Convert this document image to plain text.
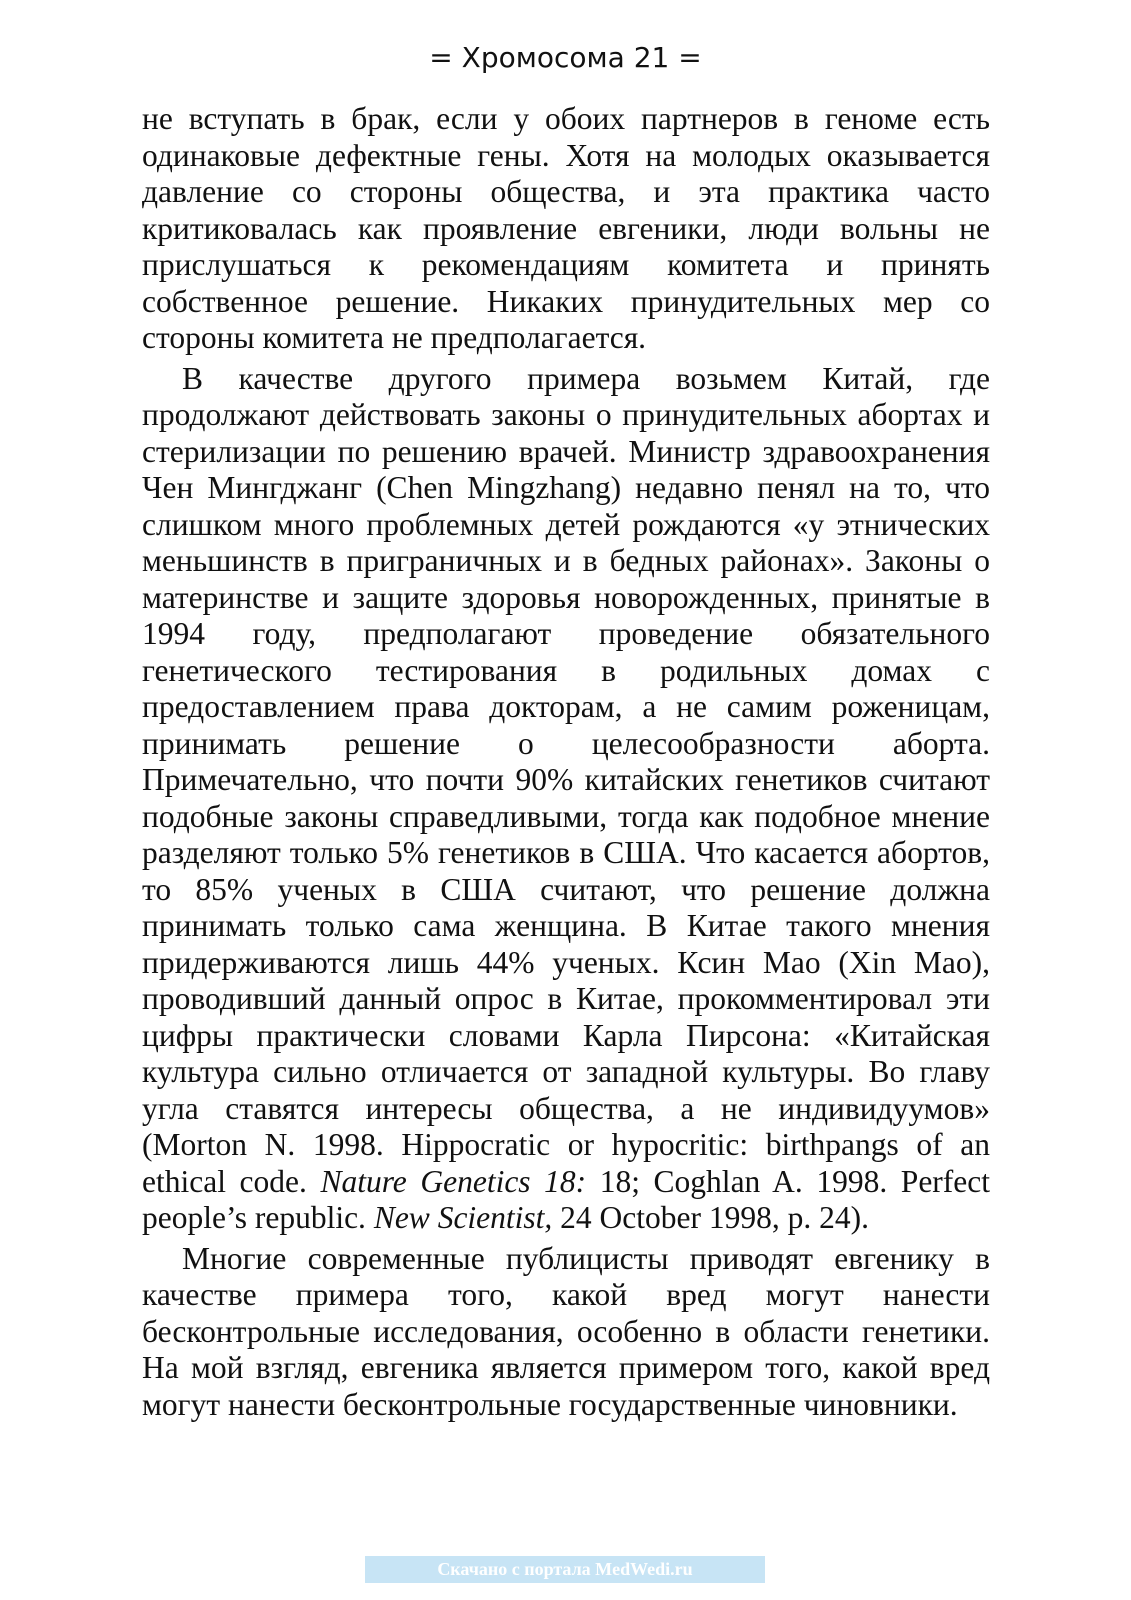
= Хромосома 21 =

не вступать в брак, если у обоих партнеров в геноме есть одинаковые дефектные гены. Хотя на молодых оказывается давление со стороны общества, и эта практика часто критиковалась как проявление евгеники, люди вольны не прислушаться к рекомендациям комитета и принять собственное решение. Никаких принудительных мер со стороны комитета не предполагается.

В качестве другого примера возьмем Китай, где продолжают действовать законы о принудительных абортах и стерилизации по решению врачей. Министр здравоохранения Чен Мингджанг (Chen Mingzhang) недавно пенял на то, что слишком много проблемных детей рождаются «у этнических меньшинств в приграничных и в бедных районах». Законы о материнстве и защите здоровья новорожденных, принятые в 1994 году, предполагают проведение обязательного генетического тестирования в родильных домах с предоставлением права докторам, а не самим роженицам, принимать решение о целесообразности аборта. Примечательно, что почти 90% китайских генетиков считают подобные законы справедливыми, тогда как подобное мнение разделяют только 5% генетиков в США. Что касается абортов, то 85% ученых в США считают, что решение должна принимать только сама женщина. В Китае такого мнения придерживаются лишь 44% ученых. Ксин Мао (Xin Mao), проводивший данный опрос в Китае, прокомментировал эти цифры практически словами Карла Пирсона: «Китайская культура сильно отличается от западной культуры. Во главу угла ставятся интересы общества, а не индивидуумов» (Morton N. 1998. Hippocratic or hypocritic: birthpangs of an ethical code. Nature Genetics 18: 18; Coghlan A. 1998. Perfect people’s republic. New Scientist, 24 October 1998, p. 24).

Многие современные публицисты приводят евгенику в качестве примера того, какой вред могут нанести бесконтрольные исследования, особенно в области генетики. На мой взгляд, евгеника является примером того, какой вред могут нанести бесконтрольные государственные чиновники.

Скачано с портала MedWedi.ru
